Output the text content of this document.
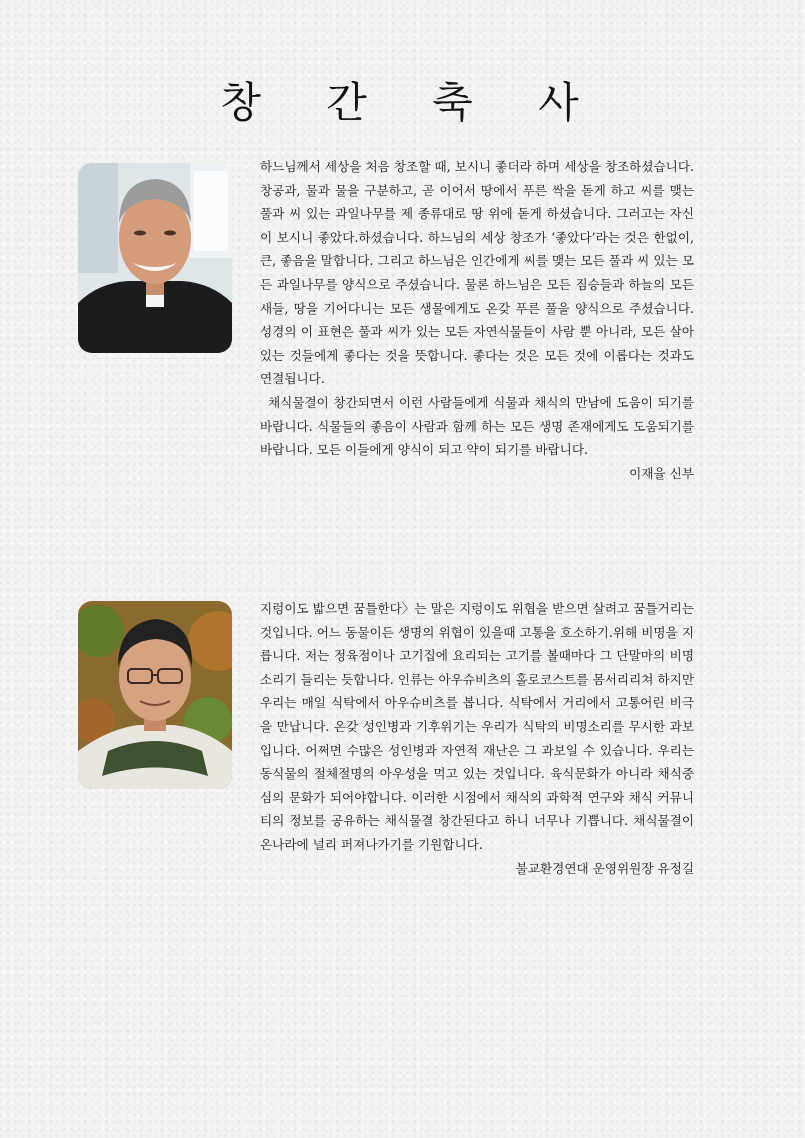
창 간 축 사

하느님께서 세상을 처음 창조할 때, 보시니 좋더라 하며 세상을 창조하셨습니다. 창공과, 물과 물을 구분하고, 곧 이어서 땅에서 푸른 싹을 돋게 하고 씨를 맺는 풀과 씨 있는 과일나무를 제 종류대로 땅 위에 돋게 하셨습니다. 그러고는 자신이 보시니 좋았다.하셨습니다. 하느님의 세상 창조가 ‘좋았다’라는 것은 한없이, 큰, 좋음을 말합니다. 그리고 하느님은 인간에게 씨를 맺는 모든 풀과 씨 있는 모든 과일나무를 양식으로 주셨습니다. 물론 하느님은 모든 짐승들과 하늘의 모든 새들, 땅을 기어다니는 모든 생물에게도 온갖 푸른 풀을 양식으로 주셨습니다. 성경의 이 표현은 풀과 씨가 있는 모든 자연식물들이 사람 뿐 아니라, 모든 살아있는 것들에게 좋다는 것을 뜻합니다. 좋다는 것은 모든 것에 이롭다는 것과도 연결됩니다.

채식물결이 창간되면서 이런 사람들에게 식물과 채식의 만남에 도움이 되기를 바랍니다. 식물들의 좋음이 사람과 함께 하는 모든 생명 존재에게도 도움되기를 바랍니다. 모든 이들에게 양식이 되고 약이 되기를 바랍니다.

이재율 신부

지렁이도 밟으면 꿈틀한다〉는 말은 지렁이도 위협을 받으면 살려고 꿈틀거리는 것입니다. 어느 동물이든 생명의 위협이 있을때 고통을 호소하기.위해 비명을 지릅니다. 저는 정육점이나 고기집에 요리되는 고기를 볼때마다 그 단말마의 비명소리기 들리는 듯합니다. 인류는 아우슈비츠의 홀로코스트를 몸서리리쳐 하지만 우리는 매일 식탁에서 아우슈비츠를 봅니다. 식탁에서 거리에서 고통어린 비극을 만납니다. 온갖 성인병과 기후위기는 우리가 식탁의 비명소리를 무시한 과보입니다. 어쩌면 수많은 성인병과 자연적 재난은 그 과보일 수 있습니다. 우리는 동식물의 절체절명의 아우성을 먹고 있는 것입니다. 육식문화가 아니라 채식중심의 문화가 되어야합니다. 이러한 시점에서 채식의 과학적 연구와 채식 커뮤니티의 정보를 공유하는 채식물결 창간된다고 하니 너무나 기쁩니다. 채식물결이 온나라에 널리 퍼져나가기를 기원합니다.

불교환경연대 운영위원장 유정길
